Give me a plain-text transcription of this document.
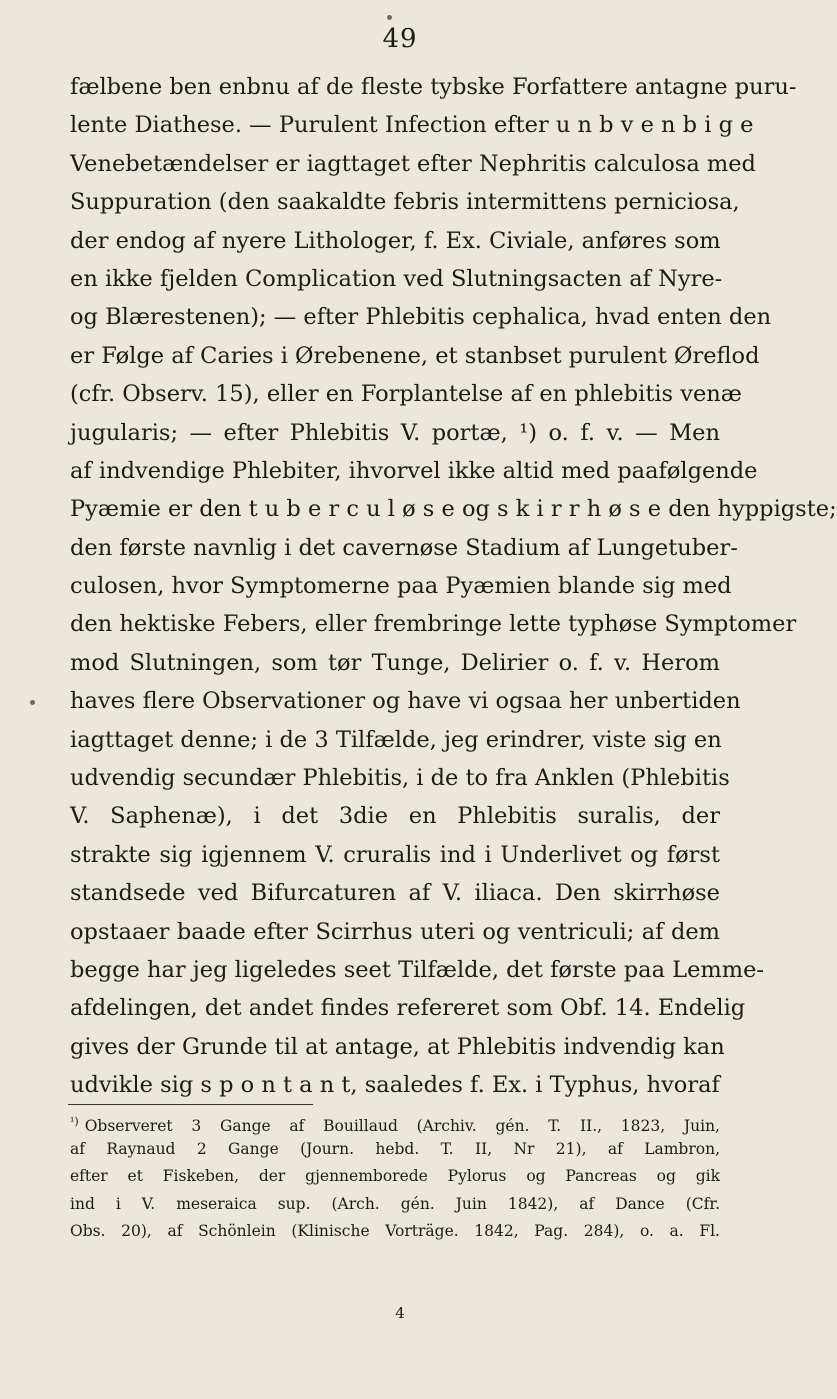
49
fælbene ben enbnu af de fleste tybske Forfattere antagne puru-
lente Diathese. — Purulent Infection efter u n b v e n b i g e
Venebetændelser er iagttaget efter Nephritis calculosa med
Suppuration (den saakaldte febris intermittens perniciosa,
der endog af nyere Lithologer, f. Ex. Civiale, anføres som
en ikke fjelden Complication ved Slutningsacten af Nyre-
og Blærestenen); — efter Phlebitis cephalica, hvad enten den
er Følge af Caries i Ørebenene, et stanbset purulent Øreflod
(cfr. Observ. 15), eller en Forplantelse af en phlebitis venæ
jugularis; — efter Phlebitis V. portæ, ¹) o. f. v. — Men
af indvendige Phlebiter, ihvorvel ikke altid med paafølgende
Pyæmie er den t u b e r c u l ø s e og s k i r r h ø s e den hyppigste;
den første navnlig i det cavernøse Stadium af Lungetuber-
culosen, hvor Symptomerne paa Pyæmien blande sig med
den hektiske Febers, eller frembringe lette typhøse Symptomer
mod Slutningen, som tør Tunge, Delirier o. f. v. Herom
haves flere Observationer og have vi ogsaa her unbertiden
iagttaget denne; i de 3 Tilfælde, jeg erindrer, viste sig en
udvendig secundær Phlebitis, i de to fra Anklen (Phlebitis
V. Saphenæ), i det 3die en Phlebitis suralis, der
strakte sig igjennem V. cruralis ind i Underlivet og først
standsede ved Bifurcaturen af V. iliaca. Den skirrhøse
opstaaer baade efter Scirrhus uteri og ventriculi; af dem
begge har jeg ligeledes seet Tilfælde, det første paa Lemme-
afdelingen, det andet findes refereret som Obf. 14. Endelig
gives der Grunde til at antage, at Phlebitis indvendig kan
udvikle sig s p o n t a n t, saaledes f. Ex. i Typhus, hvoraf
$^{^1)}$ Observeret 3 Gange af Bouillaud (Archiv. gén. T. II., 1823, Juin,
af Raynaud 2 Gange (Journ. hebd. T. II, Nr 21), af Lambron,
efter et Fiskeben, der gjennemborede Pylorus og Pancreas og gik
ind i V. meseraica sup. (Arch. gén. Juin 1842), af Dance (Cfr.
Obs. 20), af Schönlein (Klinische Vorträge. 1842, Pag. 284), o. a. Fl.
4
